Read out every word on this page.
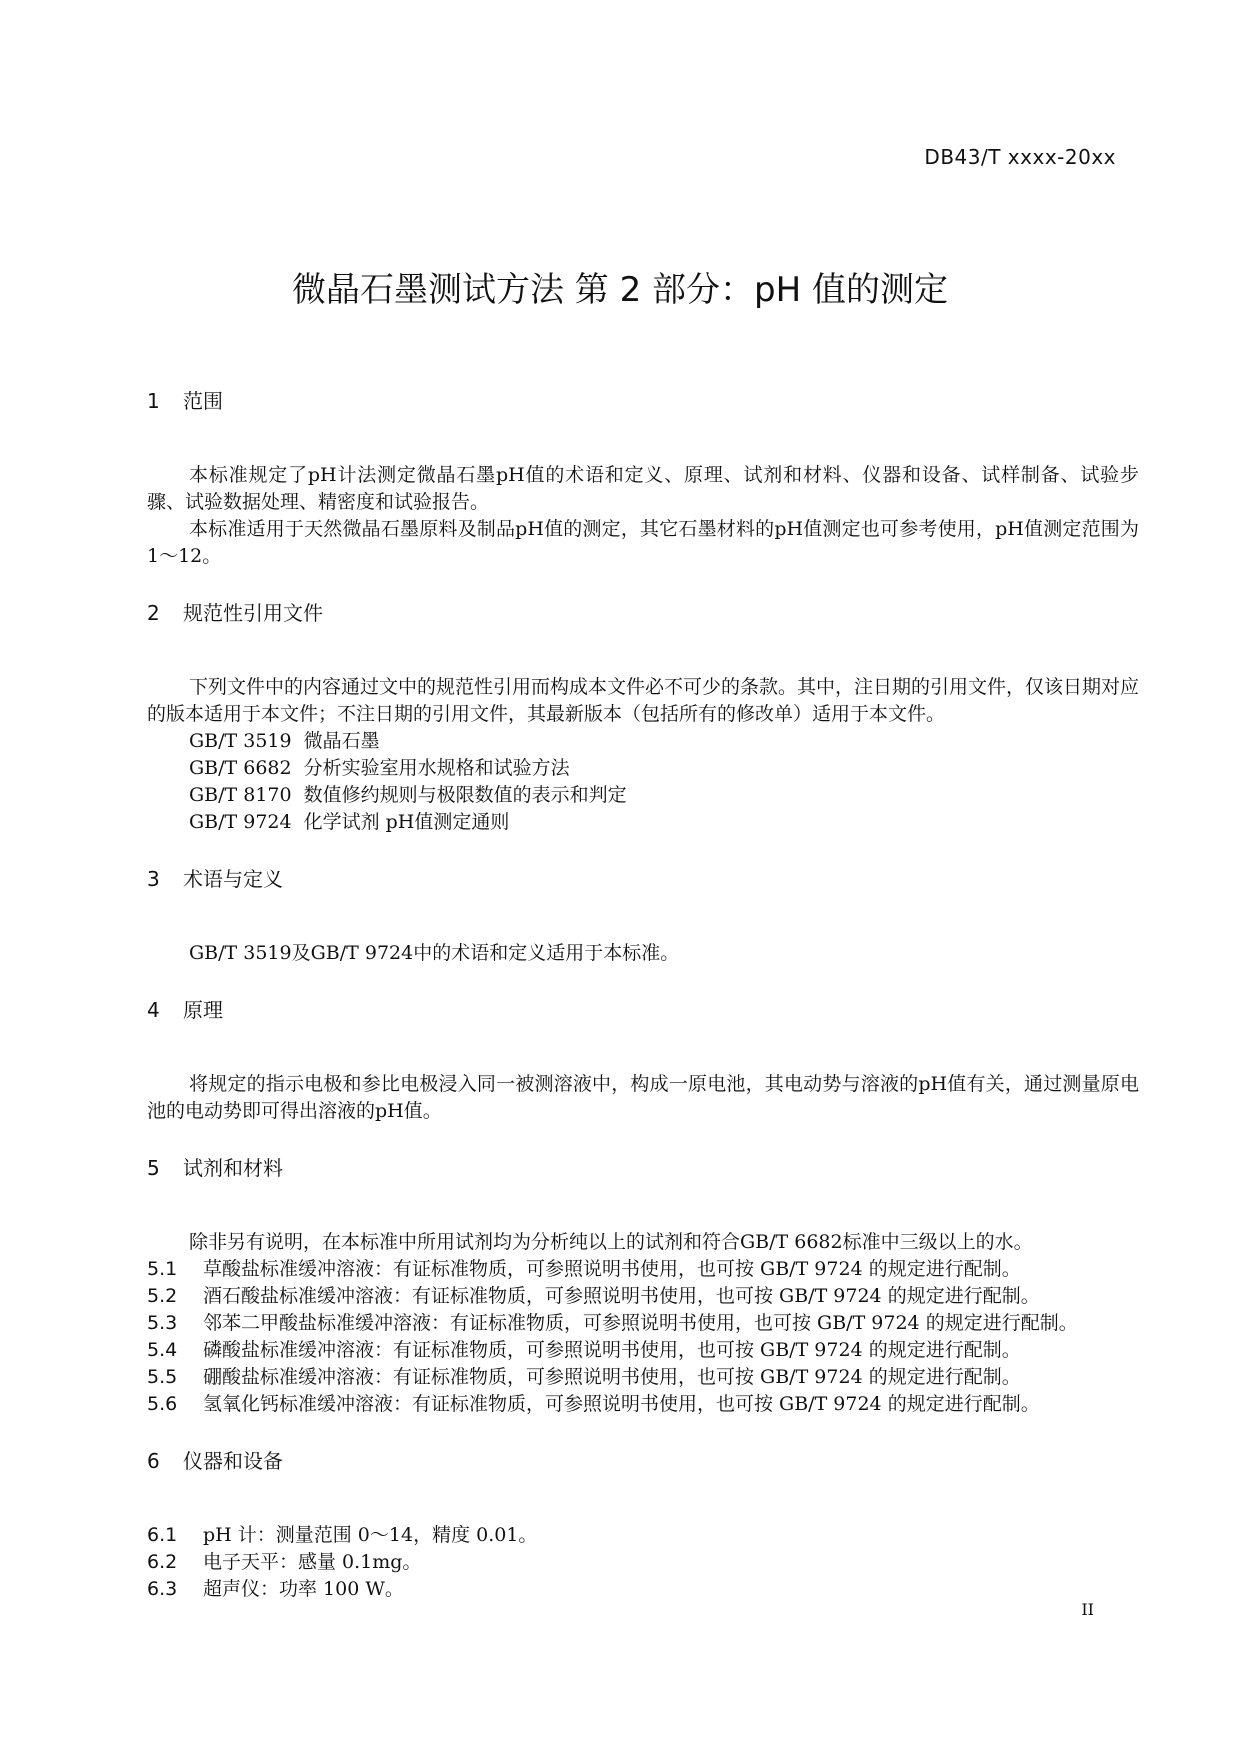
DB43/T xxxx-20xx
微晶石墨测试方法 第 2 部分：pH 值的测定
1	范围
本标准规定了pH计法测定微晶石墨pH值的术语和定义、原理、试剂和材料、仪器和设备、试样制备、试验步骤、试验数据处理、精密度和试验报告。
本标准适用于天然微晶石墨原料及制品pH值的测定，其它石墨材料的pH值测定也可参考使用，pH值测定范围为1～12。
2	规范性引用文件
下列文件中的内容通过文中的规范性引用而构成本文件必不可少的条款。其中，注日期的引用文件，仅该日期对应的版本适用于本文件；不注日期的引用文件，其最新版本（包括所有的修改单）适用于本文件。
GB/T 3519 微晶石墨
GB/T 6682 分析实验室用水规格和试验方法
GB/T 8170 数值修约规则与极限数值的表示和判定
GB/T 9724 化学试剂 pH值测定通则
3	术语与定义
GB/T 3519及GB/T 9724中的术语和定义适用于本标准。
4	原理
将规定的指示电极和参比电极浸入同一被测溶液中，构成一原电池，其电动势与溶液的pH值有关，通过测量原电池的电动势即可得出溶液的pH值。
5	试剂和材料
除非另有说明，在本标准中所用试剂均为分析纯以上的试剂和符合GB/T 6682标准中三级以上的水。
5.1 草酸盐标准缓冲溶液：有证标准物质，可参照说明书使用，也可按 GB/T 9724 的规定进行配制。
5.2 酒石酸盐标准缓冲溶液：有证标准物质，可参照说明书使用，也可按 GB/T 9724 的规定进行配制。
5.3 邻苯二甲酸盐标准缓冲溶液：有证标准物质，可参照说明书使用，也可按 GB/T 9724 的规定进行配制。
5.4 磷酸盐标准缓冲溶液：有证标准物质，可参照说明书使用，也可按 GB/T 9724 的规定进行配制。
5.5 硼酸盐标准缓冲溶液：有证标准物质，可参照说明书使用，也可按 GB/T 9724 的规定进行配制。
5.6 氢氧化钙标准缓冲溶液：有证标准物质，可参照说明书使用，也可按 GB/T 9724 的规定进行配制。
6	仪器和设备
6.1 pH 计：测量范围 0～14，精度 0.01。
6.2 电子天平：感量 0.1mg。
6.3 超声仪：功率 100 W。
II
